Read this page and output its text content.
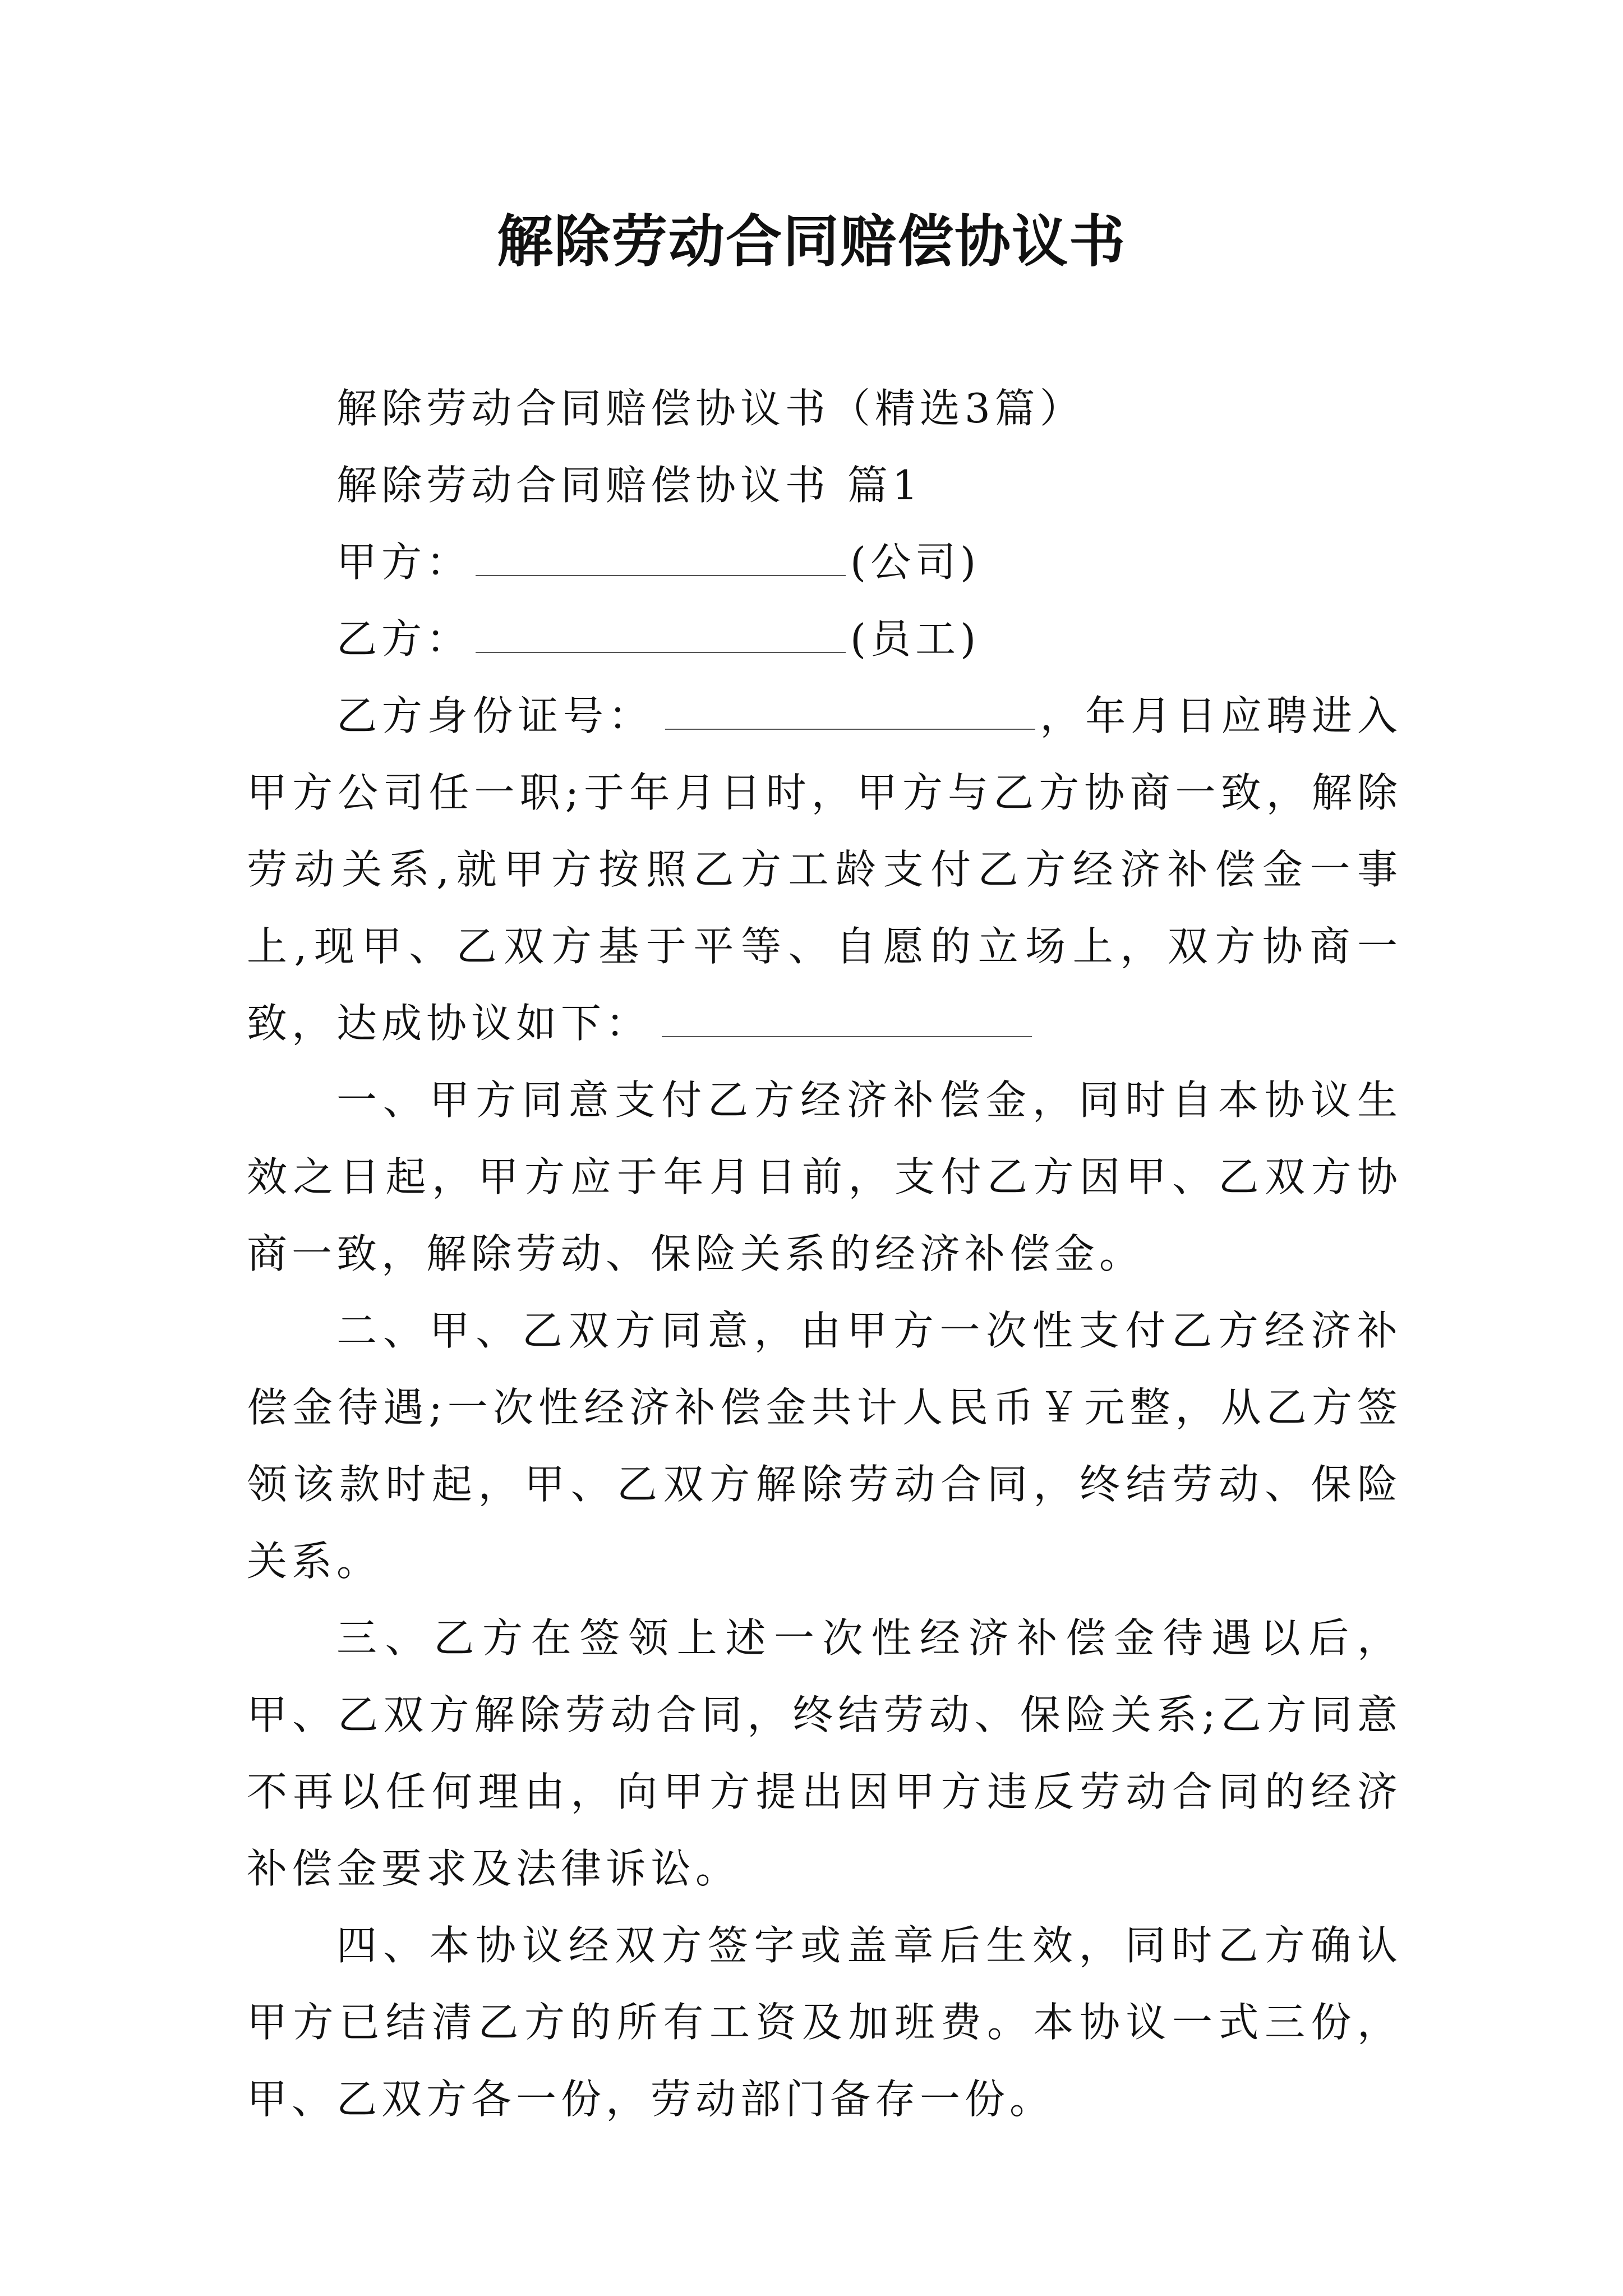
解除劳动合同赔偿协议书

解除劳动合同赔偿协议书（精选3篇）

解除劳动合同赔偿协议书 篇1

甲方：	(公司)

乙方：	(员工)

乙方身份证号：	，年月日应聘进入甲方公司任一职;于年月日时，甲方与乙方协商一致，解除劳动关系,就甲方按照乙方工龄支付乙方经济补偿金一事上,现甲、乙双方基于平等、自愿的立场上，双方协商一致，达成协议如下：

一、甲方同意支付乙方经济补偿金，同时自本协议生效之日起，甲方应于年月日前，支付乙方因甲、乙双方协商一致，解除劳动、保险关系的经济补偿金。

二、甲、乙双方同意，由甲方一次性支付乙方经济补偿金待遇;一次性经济补偿金共计人民币￥元整，从乙方签领该款时起，甲、乙双方解除劳动合同，终结劳动、保险关系。

三、乙方在签领上述一次性经济补偿金待遇以后，甲、乙双方解除劳动合同，终结劳动、保险关系;乙方同意不再以任何理由，向甲方提出因甲方违反劳动合同的经济补偿金要求及法律诉讼。

四、本协议经双方签字或盖章后生效，同时乙方确认甲方已结清乙方的所有工资及加班费。本协议一式三份，甲、乙双方各一份，劳动部门备存一份。
